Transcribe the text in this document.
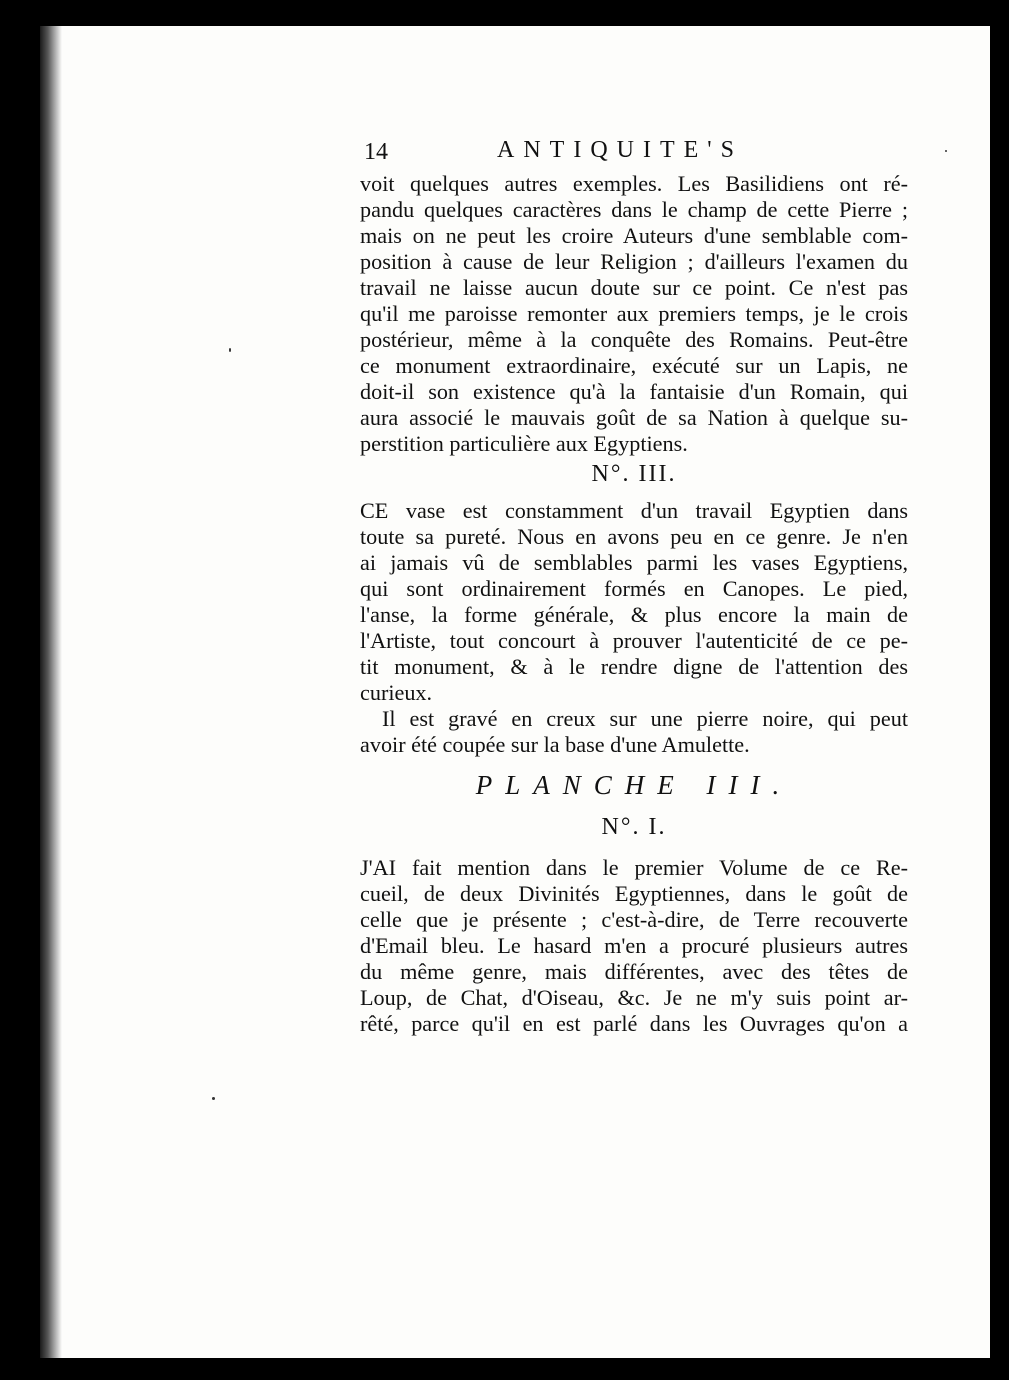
14	ANTIQUITE'S
voit quelques autres exemples. Les Basilidiens ont ré-
pandu quelques caractères dans le champ de cette Pierre ;
mais on ne peut les croire Auteurs d'une semblable com-
position à cause de leur Religion ; d'ailleurs l'examen du
travail ne laisse aucun doute sur ce point. Ce n'est pas
qu'il me paroisse remonter aux premiers temps, je le crois
postérieur, même à la conquête des Romains. Peut-être
ce monument extraordinaire, exécuté sur un Lapis, ne
doit-il son existence qu'à la fantaisie d'un Romain, qui
aura associé le mauvais goût de sa Nation à quelque su-
perstition particulière aux Egyptiens.
N°. III.
CE vase est constamment d'un travail Egyptien dans
toute sa pureté. Nous en avons peu en ce genre. Je n'en
ai jamais vû de semblables parmi les vases Egyptiens,
qui sont ordinairement formés en Canopes. Le pied,
l'anse, la forme générale, & plus encore la main de
l'Artiste, tout concourt à prouver l'autenticité de ce pe-
tit monument, & à le rendre digne de l'attention des
curieux.
Il est gravé en creux sur une pierre noire, qui peut
avoir été coupée sur la base d'une Amulette.
PLANCHE III.
N°. I.
J'AI fait mention dans le premier Volume de ce Re-
cueil, de deux Divinités Egyptiennes, dans le goût de
celle que je présente ; c'est-à-dire, de Terre recouverte
d'Email bleu. Le hasard m'en a procuré plusieurs autres
du même genre, mais différentes, avec des têtes de
Loup, de Chat, d'Oiseau, &c. Je ne m'y suis point ar-
rêté, parce qu'il en est parlé dans les Ouvrages qu'on a
